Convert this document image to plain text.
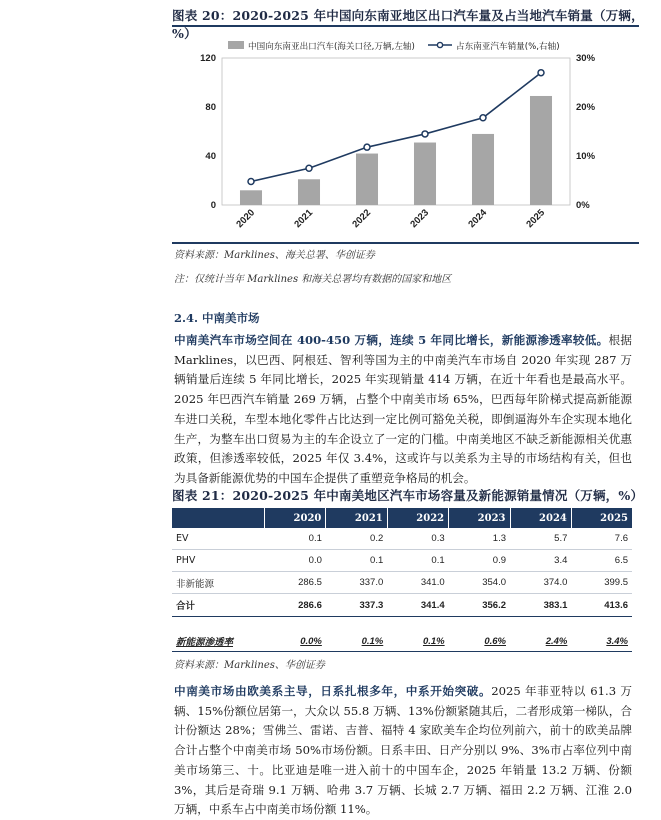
图表 20：2020-2025 年中国向东南亚地区出口汽车量及占当地汽车销量（万辆，%）
中国向东南亚出口汽车(海关口径,万辆,左轴)	占东南亚汽车销量(%,右轴)
0
40
80
120
0%
10%
20%
30%
2020	2021	2022	2023	2024	2025
资料来源：Marklines、海关总署、华创证券
注：仅统计当年 Marklines 和海关总署均有数据的国家和地区
2.4. 中南美市场
中南美汽车市场空间在 400-450 万辆，连续 5 年同比增长，新能源渗透率较低。根据 Marklines，以巴西、阿根廷、智利等国为主的中南美汽车市场自 2020 年实现 287 万辆销量后连续 5 年同比增长，2025 年实现销量 414 万辆，在近十年看也是最高水平。2025 年巴西汽车销量 269 万辆，占整个中南美市场 65%，巴西每年阶梯式提高新能源车进口关税，车型本地化零件占比达到一定比例可豁免关税，即倒逼海外车企实现本地化生产，为整车出口贸易为主的车企设立了一定的门槛。中南美地区不缺乏新能源相关优惠政策，但渗透率较低，2025 年仅 3.4%，这或许与以美系为主导的市场结构有关，但也为具备新能源优势的中国车企提供了重塑竞争格局的机会。
图表 21：2020-2025 年中南美地区汽车市场容量及新能源销量情况（万辆，%）
	2020	2021	2022	2023	2024	2025
EV	0.1	0.2	0.3	1.3	5.7	7.6
PHV	0.0	0.1	0.1	0.9	3.4	6.5
非新能源	286.5	337.0	341.0	354.0	374.0	399.5
合计	286.6	337.3	341.4	356.2	383.1	413.6

新能源渗透率	0.0%	0.1%	0.1%	0.6%	2.4%	3.4%
资料来源：Marklines、华创证券
中南美市场由欧美系主导，日系扎根多年，中系开始突破。2025 年菲亚特以 61.3 万辆、15%份额位居第一，大众以 55.8 万辆、13%份额紧随其后，二者形成第一梯队，合计份额达 28%；雪佛兰、雷诺、吉普、福特 4 家欧美车企均位列前六，前十的欧美品牌合计占整个中南美市场 50%市场份额。日系丰田、日产分别以 9%、3%市占率位列中南美市场第三、十。比亚迪是唯一进入前十的中国车企，2025 年销量 13.2 万辆、份额 3%，其后是奇瑞 9.1 万辆、哈弗 3.7 万辆、长城 2.7 万辆、福田 2.2 万辆、江淮 2.0 万辆，中系车占中南美市场份额 11%。
